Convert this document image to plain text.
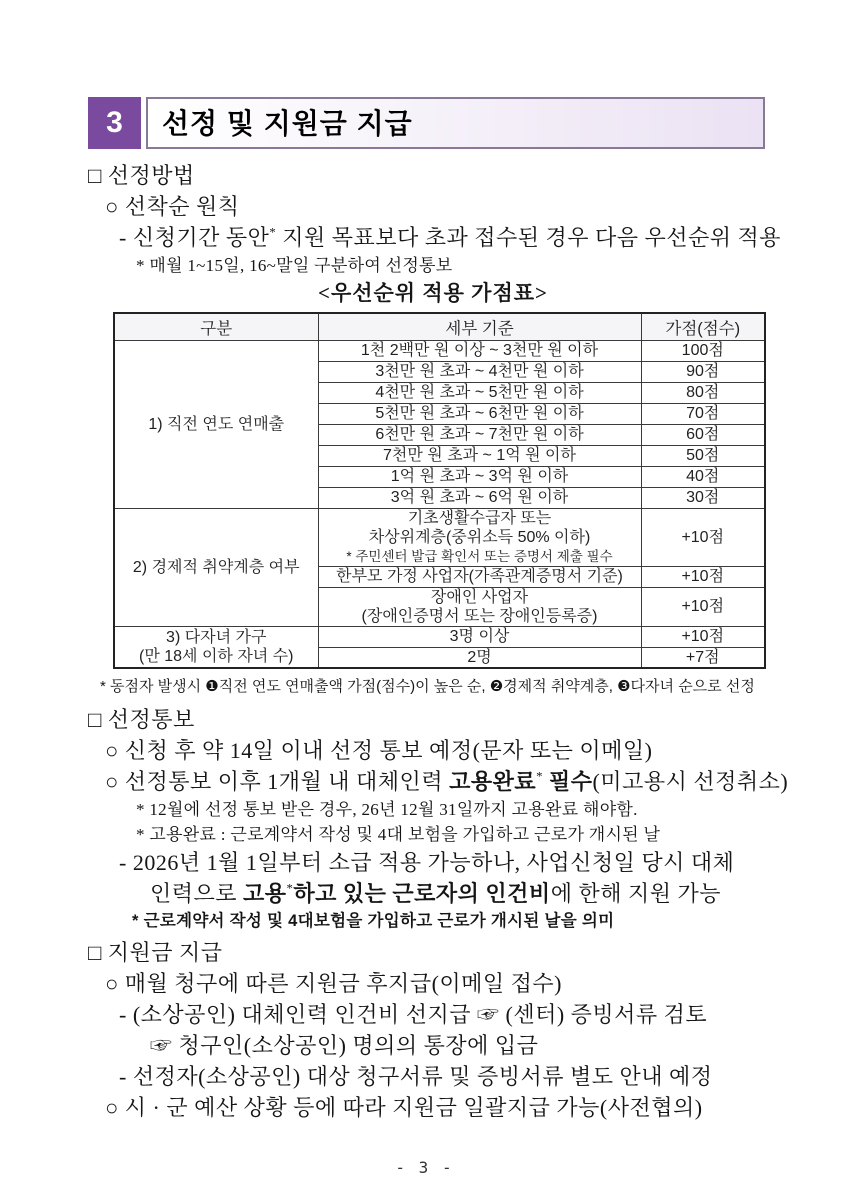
3	선정 및 지원금 지급

□ 선정방법

○ 선착순 원칙

- 신청기간 동안* 지원 목표보다 초과 접수된 경우 다음 우선순위 적용

* 매월 1~15일, 16~말일 구분하여 선정통보

<우선순위 적용 가점표>
구분	세부 기준	가점(점수)
1) 직전 연도 연매출	1천 2백만 원 이상 ~ 3천만 원 이하	100점
	3천만 원 초과 ~ 4천만 원 이하	90점
	4천만 원 초과 ~ 5천만 원 이하	80점
	5천만 원 초과 ~ 6천만 원 이하	70점
	6천만 원 초과 ~ 7천만 원 이하	60점
	7천만 원 초과 ~ 1억 원 이하	50점
	1억 원 초과 ~ 3억 원 이하	40점
	3억 원 초과 ~ 6억 원 이하	30점
2) 경제적 취약계층 여부	기초생활수급자 또는
차상위계층(중위소득 50% 이하)
* 주민센터 발급 확인서 또는 증명서 제출 필수	+10점
	한부모 가정 사업자(가족관계증명서 기준)	+10점
	장애인 사업자
(장애인증명서 또는 장애인등록증)	+10점
3) 다자녀 가구
(만 18세 이하 자녀 수)	3명 이상	+10점
	2명	+7점

* 동점자 발생시 ❶직전 연도 연매출액 가점(점수)이 높은 순, ❷경제적 취약계층, ❸다자녀 순으로 선정

□ 선정통보

○ 신청 후 약 14일 이내 선정 통보 예정(문자 또는 이메일)

○ 선정통보 이후 1개월 내 대체인력 고용완료* 필수(미고용시 선정취소)

* 12월에 선정 통보 받은 경우, 26년 12월 31일까지 고용완료 해야함.

* 고용완료 : 근로계약서 작성 및 4대 보험을 가입하고 근로가 개시된 날

- 2026년 1월 1일부터 소급 적용 가능하나, 사업신청일 당시 대체

인력으로 고용*하고 있는 근로자의 인건비에 한해 지원 가능

* 근로계약서 작성 및 4대보험을 가입하고 근로가 개시된 날을 의미

□ 지원금 지급

○ 매월 청구에 따른 지원금 후지급(이메일 접수)

- (소상공인) 대체인력 인건비 선지급 ☞ (센터) 증빙서류 검토

☞ 청구인(소상공인) 명의의 통장에 입금

- 선정자(소상공인) 대상 청구서류 및 증빙서류 별도 안내 예정

○ 시 · 군 예산 상황 등에 따라 지원금 일괄지급 가능(사전협의)

- 3 -
